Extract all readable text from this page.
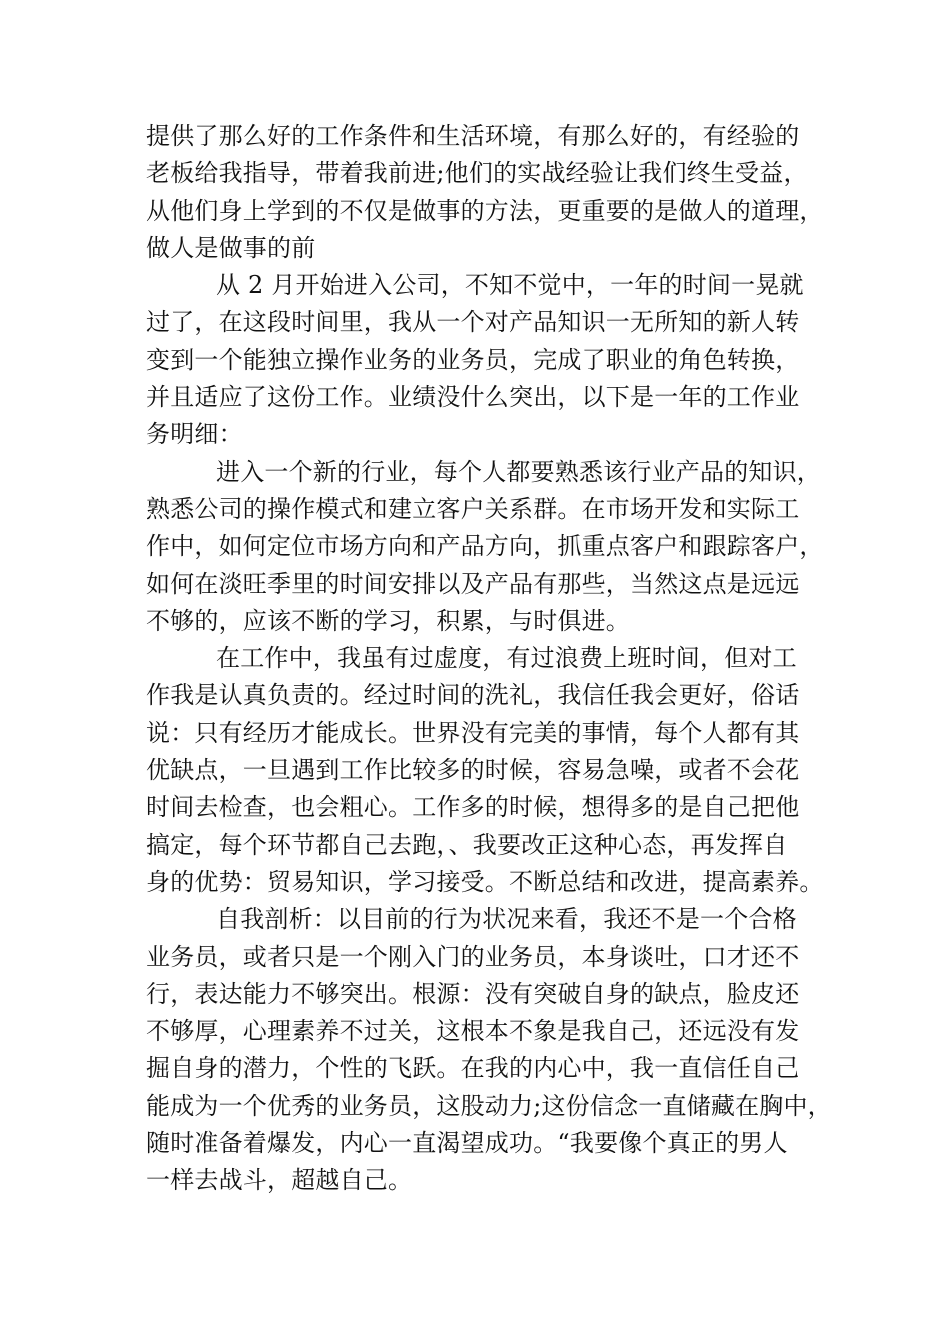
提供了那么好的工作条件和生活环境，有那么好的，有经验的
老板给我指导，带着我前进;他们的实战经验让我们终生受益，
从他们身上学到的不仅是做事的方法，更重要的是做人的道理，
做人是做事的前
从 2 月开始进入公司，不知不觉中，一年的时间一晃就
过了，在这段时间里，我从一个对产品知识一无所知的新人转
变到一个能独立操作业务的业务员，完成了职业的角色转换，
并且适应了这份工作。业绩没什么突出，以下是一年的工作业
务明细：
进入一个新的行业，每个人都要熟悉该行业产品的知识，
熟悉公司的操作模式和建立客户关系群。在市场开发和实际工
作中，如何定位市场方向和产品方向，抓重点客户和跟踪客户，
如何在淡旺季里的时间安排以及产品有那些，当然这点是远远
不够的，应该不断的学习，积累，与时俱进。
在工作中，我虽有过虚度，有过浪费上班时间，但对工
作我是认真负责的。经过时间的洗礼，我信任我会更好，俗话
说：只有经历才能成长。世界没有完美的事情，每个人都有其
优缺点，一旦遇到工作比较多的时候，容易急噪，或者不会花
时间去检查，也会粗心。工作多的时候，想得多的是自己把他
搞定，每个环节都自己去跑，、我要改正这种心态，再发挥自
身的优势：贸易知识，学习接受。不断总结和改进，提高素养。
自我剖析：以目前的行为状况来看，我还不是一个合格
业务员，或者只是一个刚入门的业务员，本身谈吐，口才还不
行，表达能力不够突出。根源：没有突破自身的缺点，脸皮还
不够厚，心理素养不过关，这根本不象是我自己，还远没有发
掘自身的潜力，个性的飞跃。在我的内心中，我一直信任自己
能成为一个优秀的业务员，这股动力;这份信念一直储藏在胸中，
随时准备着爆发，内心一直渴望成功。“我要像个真正的男人
一样去战斗，超越自己。
